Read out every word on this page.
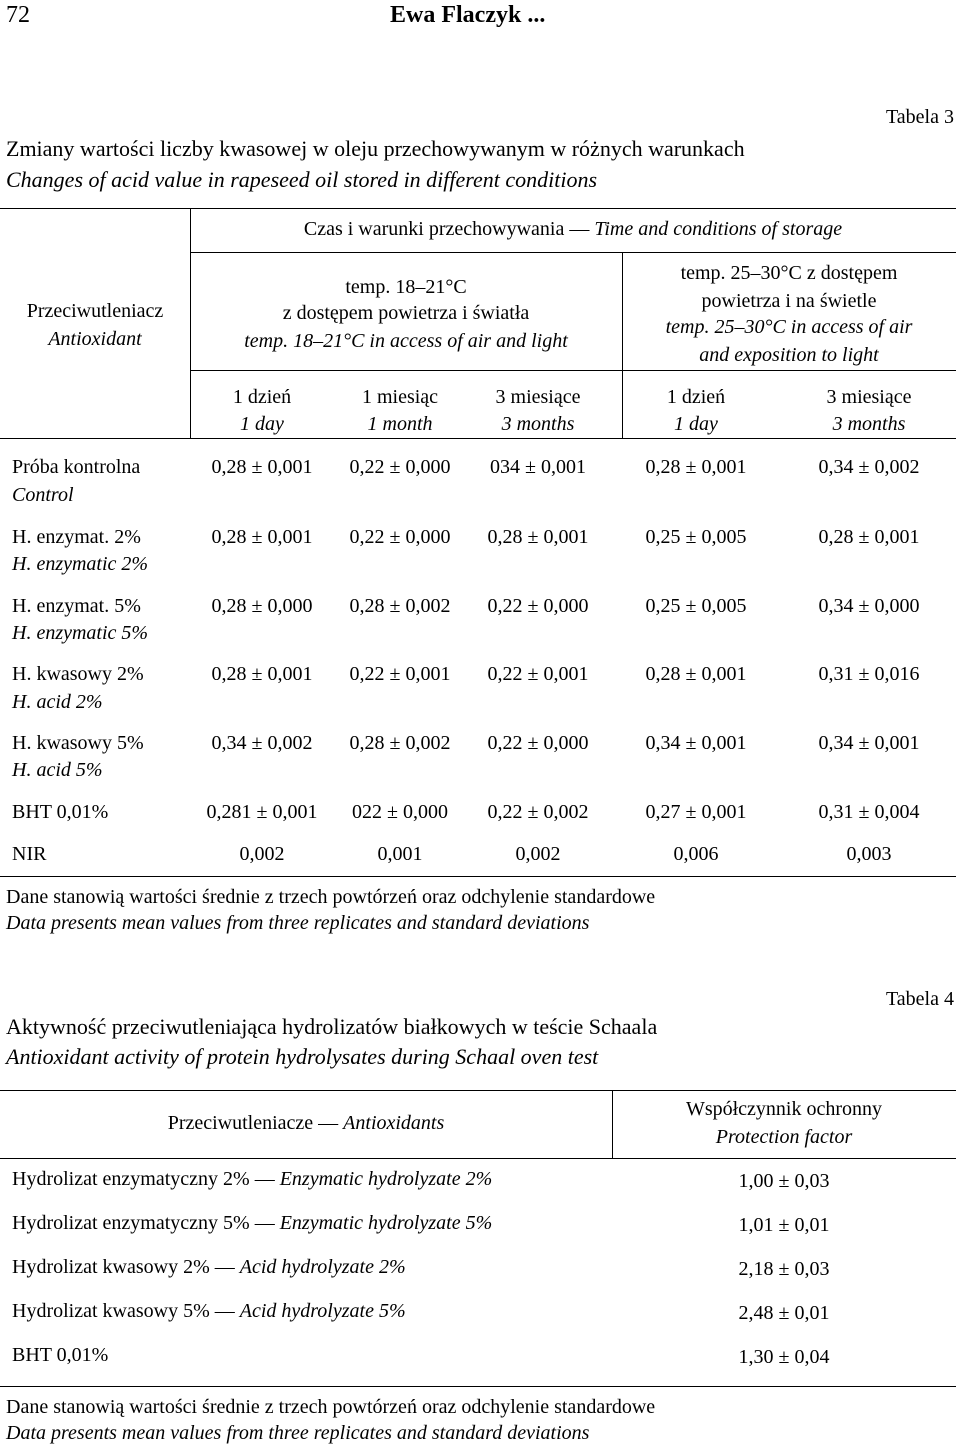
72	Ewa Flaczyk ...
Tabela 3
Zmiany wartości liczby kwasowej w oleju przechowywanym w różnych warunkach
Changes of acid value in rapeseed oil stored in different conditions
Przeciwutleniacz
Antioxidant
Czas i warunki przechowywania — Time and conditions of storage
temp. 18–21°C
z dostępem powietrza i światła
temp. 18–21°C in access of air and light
temp. 25–30°C z dostępem
powietrza i na świetle
temp. 25–30°C in access of air
and exposition to light
1 dzień
1 day
1 miesiąc
1 month
3 miesiące
3 months
1 dzień
1 day
3 miesiące
3 months
Próba kontrolna
Control
0,28 ± 0,001	0,22 ± 0,000	034 ± 0,001	0,28 ± 0,001	0,34 ± 0,002
H. enzymat. 2%
H. enzymatic 2%
0,28 ± 0,001	0,22 ± 0,000	0,28 ± 0,001	0,25 ± 0,005	0,28 ± 0,001
H. enzymat. 5%
H. enzymatic 5%
0,28 ± 0,000	0,28 ± 0,002	0,22 ± 0,000	0,25 ± 0,005	0,34 ± 0,000
H. kwasowy 2%
H. acid 2%
0,28 ± 0,001	0,22 ± 0,001	0,22 ± 0,001	0,28 ± 0,001	0,31 ± 0,016
H. kwasowy 5%
H. acid 5%
0,34 ± 0,002	0,28 ± 0,002	0,22 ± 0,000	0,34 ± 0,001	0,34 ± 0,001
BHT 0,01%	0,281 ± 0,001	022 ± 0,000	0,22 ± 0,002	0,27 ± 0,001	0,31 ± 0,004
NIR	0,002	0,001	0,002	0,006	0,003
Dane stanowią wartości średnie z trzech powtórzeń oraz odchylenie standardowe
Data presents mean values from three replicates and standard deviations
Tabela 4
Aktywność przeciwutleniająca hydrolizatów białkowych w teście Schaala
Antioxidant activity of protein hydrolysates during Schaal oven test
Przeciwutleniacze — Antioxidants
Współczynnik ochronny
Protection factor
Hydrolizat enzymatyczny 2% — Enzymatic hydrolyzate 2%	1,00 ± 0,03
Hydrolizat enzymatyczny 5% — Enzymatic hydrolyzate 5%	1,01 ± 0,01
Hydrolizat kwasowy 2% — Acid hydrolyzate 2%	2,18 ± 0,03
Hydrolizat kwasowy 5% — Acid hydrolyzate 5%	2,48 ± 0,01
BHT 0,01%	1,30 ± 0,04
Dane stanowią wartości średnie z trzech powtórzeń oraz odchylenie standardowe
Data presents mean values from three replicates and standard deviations
